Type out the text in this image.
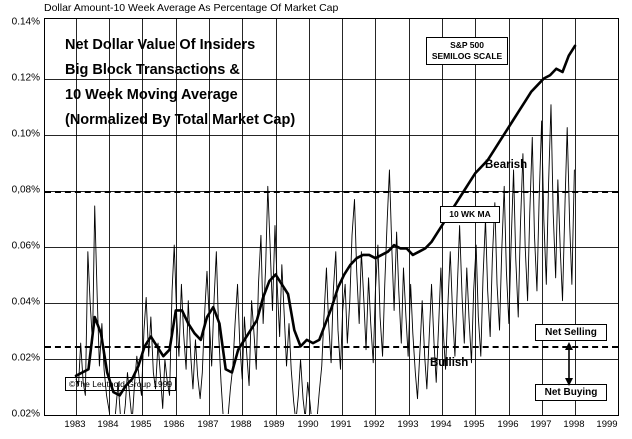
Dollar Amount-10 Week Average As Percentage Of Market Cap
0.14%
0.12%
0.10%
0,08%
0.06%
0.04%
0.02%
0.02%
1983 1984 1985 1986 1987 1988 1989 1990 1991 1992 1993 1994 1995 1996 1997 1998 1999
Net Dollar Value Of Insiders
Big Block Transactions &
10 Week Moving Average
(Normalized By Total Market Cap)
S&P 500
SEMILOG SCALE
10 WK MA
Bearish
Bullish
Net Selling
Net Buying
©The Leuthold Group 1999
